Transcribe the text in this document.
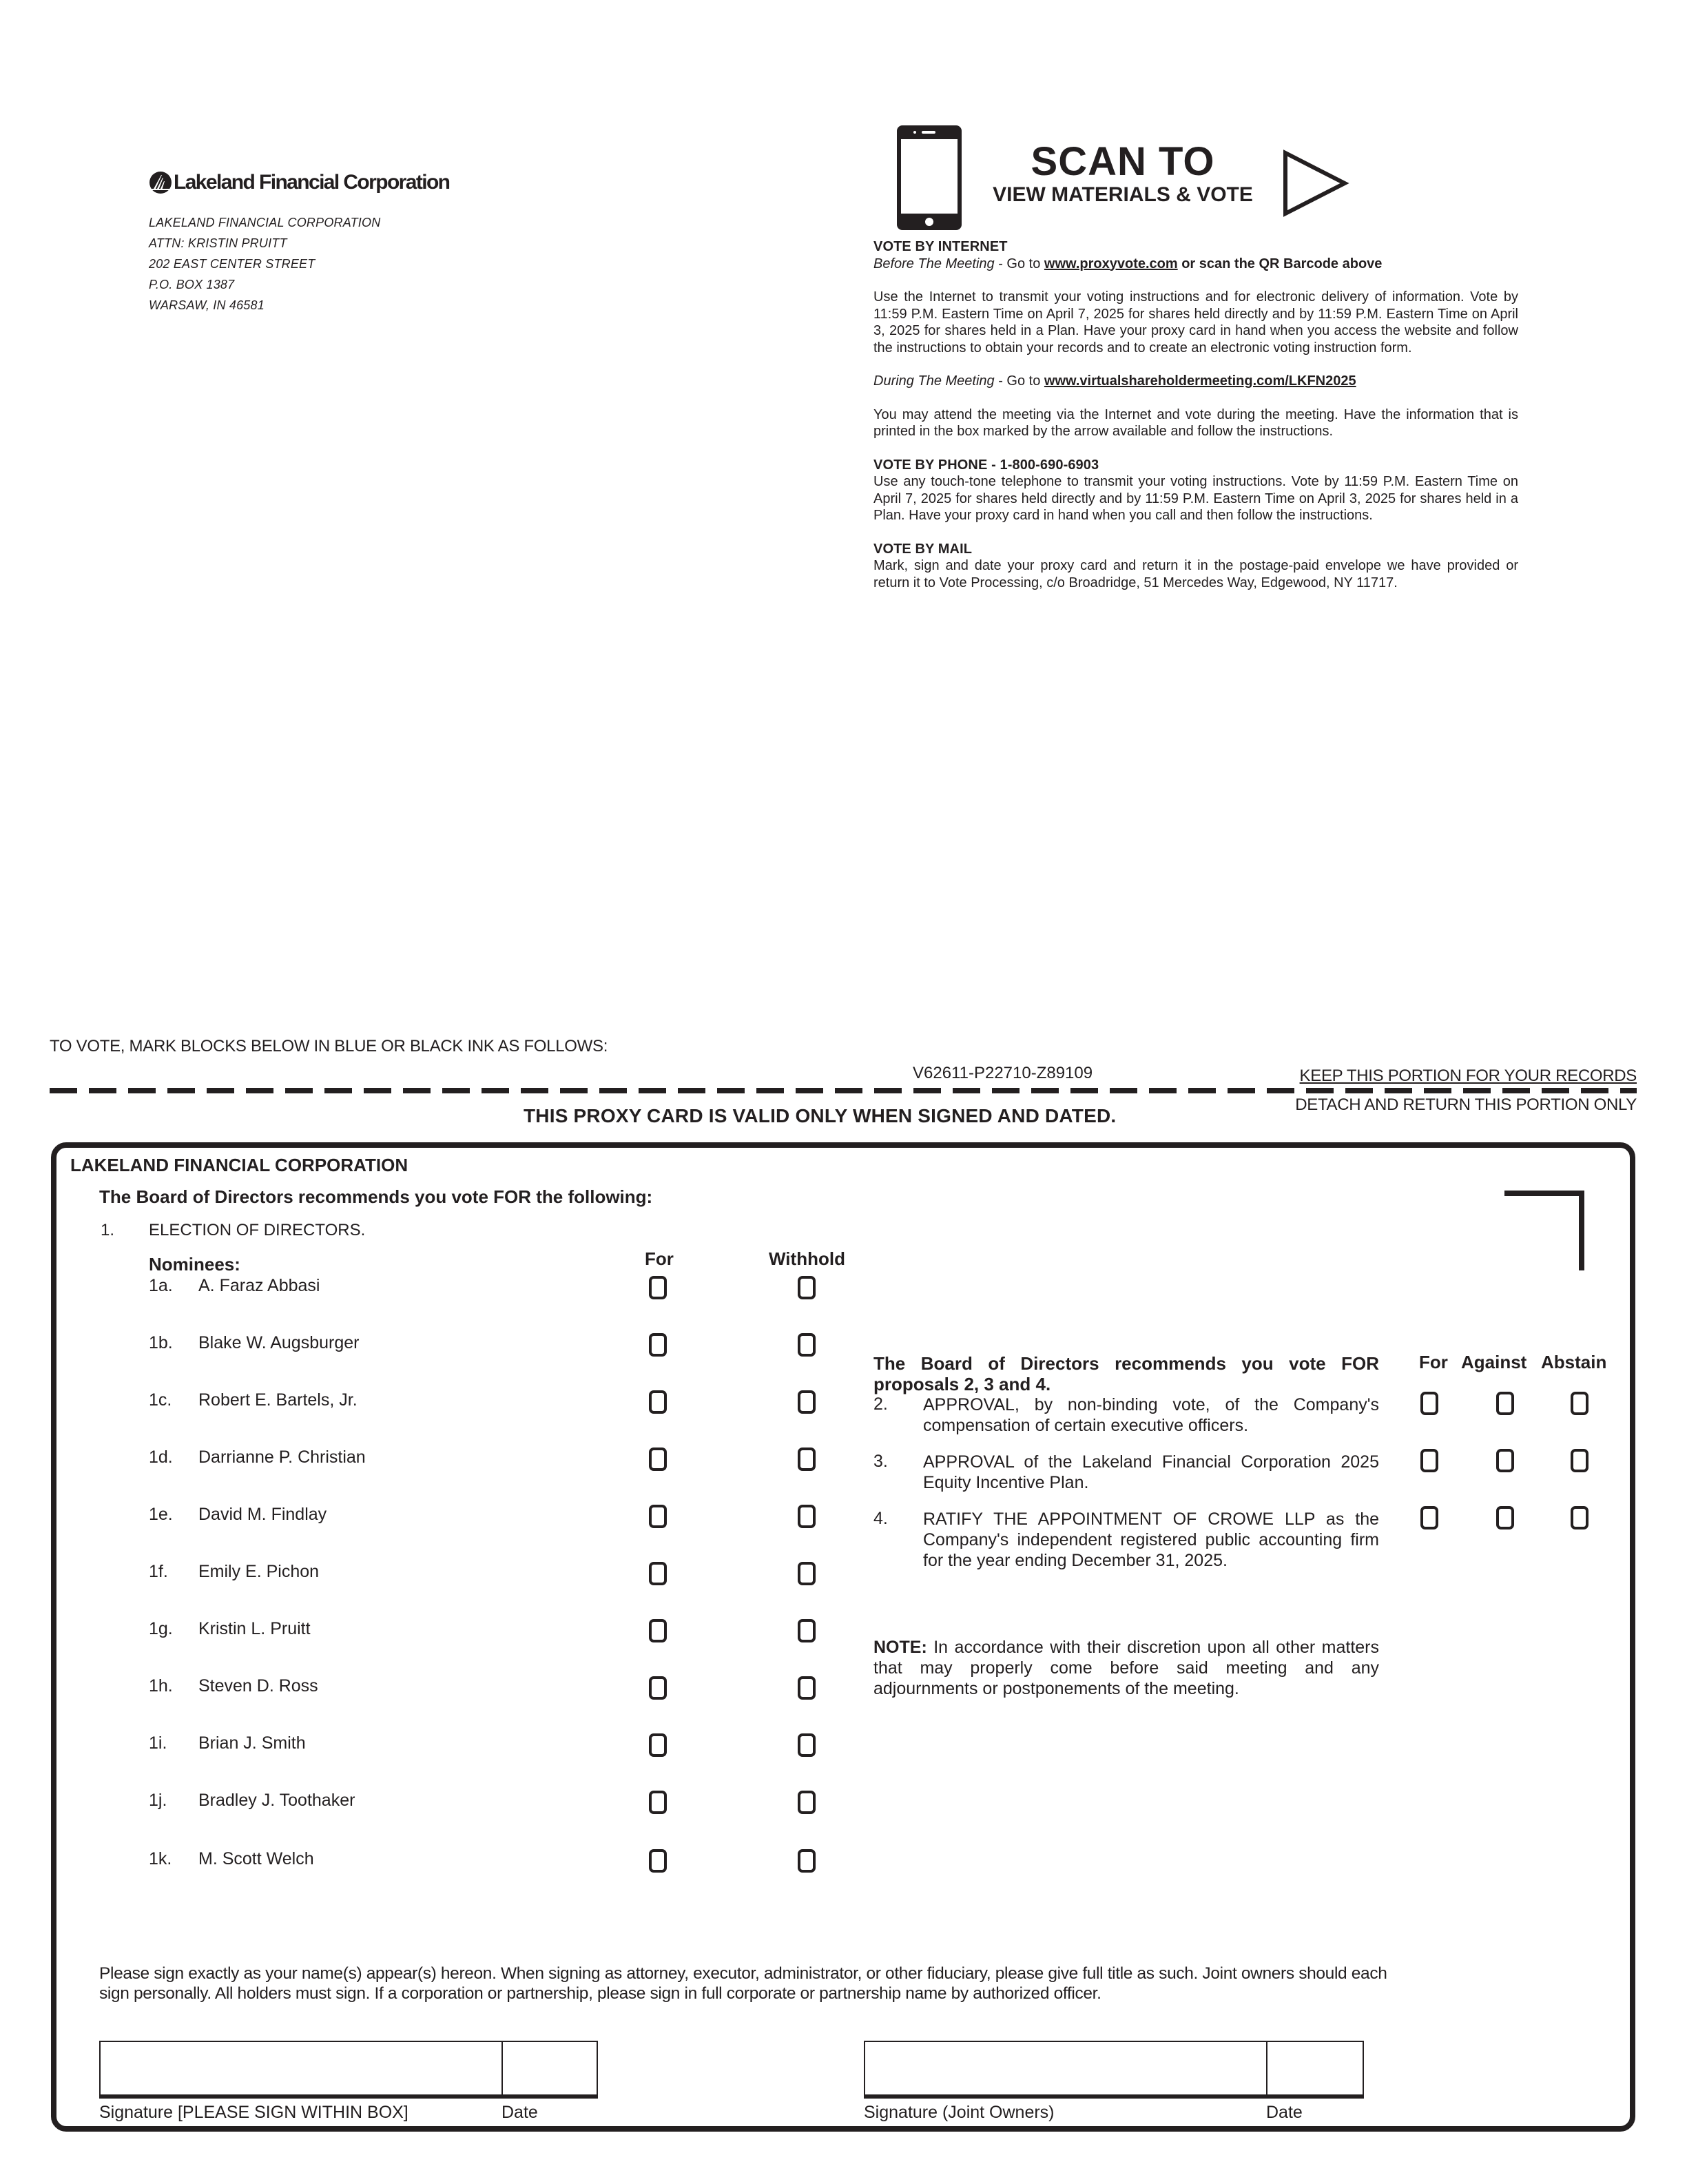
Lakeland Financial Corporation
LAKELAND FINANCIAL CORPORATION
ATTN: KRISTIN PRUITT
202 EAST CENTER STREET
P.O. BOX 1387
WARSAW, IN 46581
SCAN TO
VIEW MATERIALS & VOTE
VOTE BY INTERNET
Before The Meeting - Go to www.proxyvote.com or scan the QR Barcode above

Use the Internet to transmit your voting instructions and for electronic delivery of information. Vote by 11:59 P.M. Eastern Time on April 7, 2025 for shares held directly and by 11:59 P.M. Eastern Time on April 3, 2025 for shares held in a Plan. Have your proxy card in hand when you access the website and follow the instructions to obtain your records and to create an electronic voting instruction form.

During The Meeting - Go to www.virtualshareholdermeeting.com/LKFN2025

You may attend the meeting via the Internet and vote during the meeting. Have the information that is printed in the box marked by the arrow available and follow the instructions.

VOTE BY PHONE - 1-800-690-6903

Use any touch-tone telephone to transmit your voting instructions. Vote by 11:59 P.M. Eastern Time on April 7, 2025 for shares held directly and by 11:59 P.M. Eastern Time on April 3, 2025 for shares held in a Plan. Have your proxy card in hand when you call and then follow the instructions.

VOTE BY MAIL

Mark, sign and date your proxy card and return it in the postage-paid envelope we have provided or return it to Vote Processing, c/o Broadridge, 51 Mercedes Way, Edgewood, NY 11717.

TO VOTE, MARK BLOCKS BELOW IN BLUE OR BLACK INK AS FOLLOWS:
V62611-P22710-Z89109	KEEP THIS PORTION FOR YOUR RECORDS
DETACH AND RETURN THIS PORTION ONLY
THIS PROXY CARD IS VALID ONLY WHEN SIGNED AND DATED.
LAKELAND FINANCIAL CORPORATION
The Board of Directors recommends you vote FOR the following:
1. ELECTION OF DIRECTORS.
Nominees:	For	Withhold
1a. A. Faraz Abbasi
1b. Blake W. Augsburger
1c. Robert E. Bartels, Jr.
1d. Darrianne P. Christian
1e. David M. Findlay
1f. Emily E. Pichon
1g. Kristin L. Pruitt
1h. Steven D. Ross
1i. Brian J. Smith
1j. Bradley J. Toothaker
1k. M. Scott Welch
The Board of Directors recommends you vote FOR
proposals 2, 3 and 4.
For Against Abstain
2. APPROVAL, by non-binding vote, of the Company's compensation of certain executive officers.
3. APPROVAL of the Lakeland Financial Corporation 2025 Equity Incentive Plan.
4. RATIFY THE APPOINTMENT OF CROWE LLP as the Company's independent registered public accounting firm for the year ending December 31, 2025.
NOTE: In accordance with their discretion upon all other matters that may properly come before said meeting and any adjournments or postponements of the meeting.
Please sign exactly as your name(s) appear(s) hereon. When signing as attorney, executor, administrator, or other fiduciary, please give full title as such. Joint owners should each sign personally. All holders must sign. If a corporation or partnership, please sign in full corporate or partnership name by authorized officer.
Signature [PLEASE SIGN WITHIN BOX]	Date	Signature (Joint Owners)	Date
